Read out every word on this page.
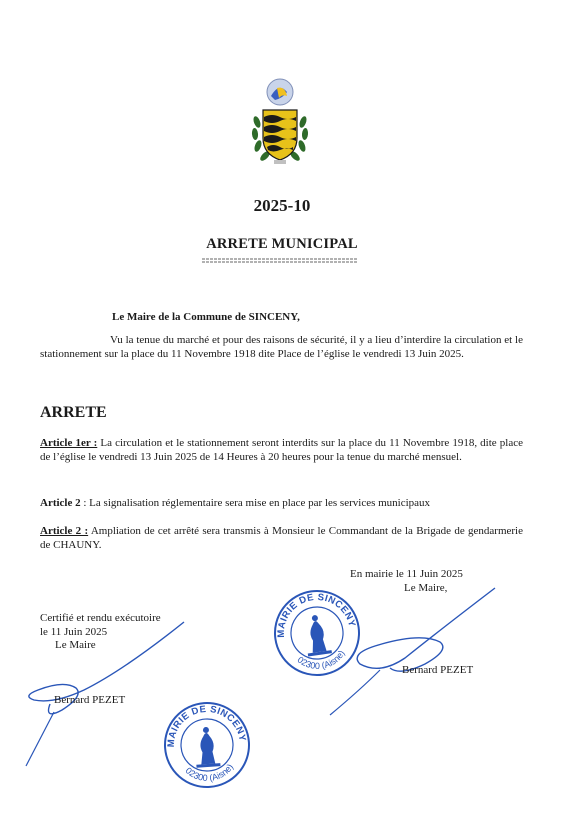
2025-10
ARRETE MUNICIPAL
Le Maire de la Commune de SINCENY,
Vu la tenue du marché et pour des raisons de sécurité, il y a lieu d’interdire la circulation et le stationnement sur la place du 11 Novembre 1918 dite Place de l’église le vendredi 13 Juin 2025.
ARRETE
Article 1er : La circulation et le stationnement seront interdits sur la place du 11 Novembre 1918, dite place de l’église le vendredi 13 Juin 2025 de 14 Heures à 20 heures pour la tenue du marché mensuel.
Article 2 : La signalisation réglementaire sera mise en place par les services municipaux
Article 2 : Ampliation de cet arrêté sera transmis à Monsieur le Commandant de la Brigade de gendarmerie de CHAUNY.
En mairie le 11 Juin 2025
Le Maire,
Certifié et rendu exécutoire
le 11 Juin 2025
Le Maire
MAIRIE DE SINCENY
02300 (Aisne)
MAIRIE DE SINCENY
02300 (Aisne)
Bernard PEZET
Bernard PEZET
